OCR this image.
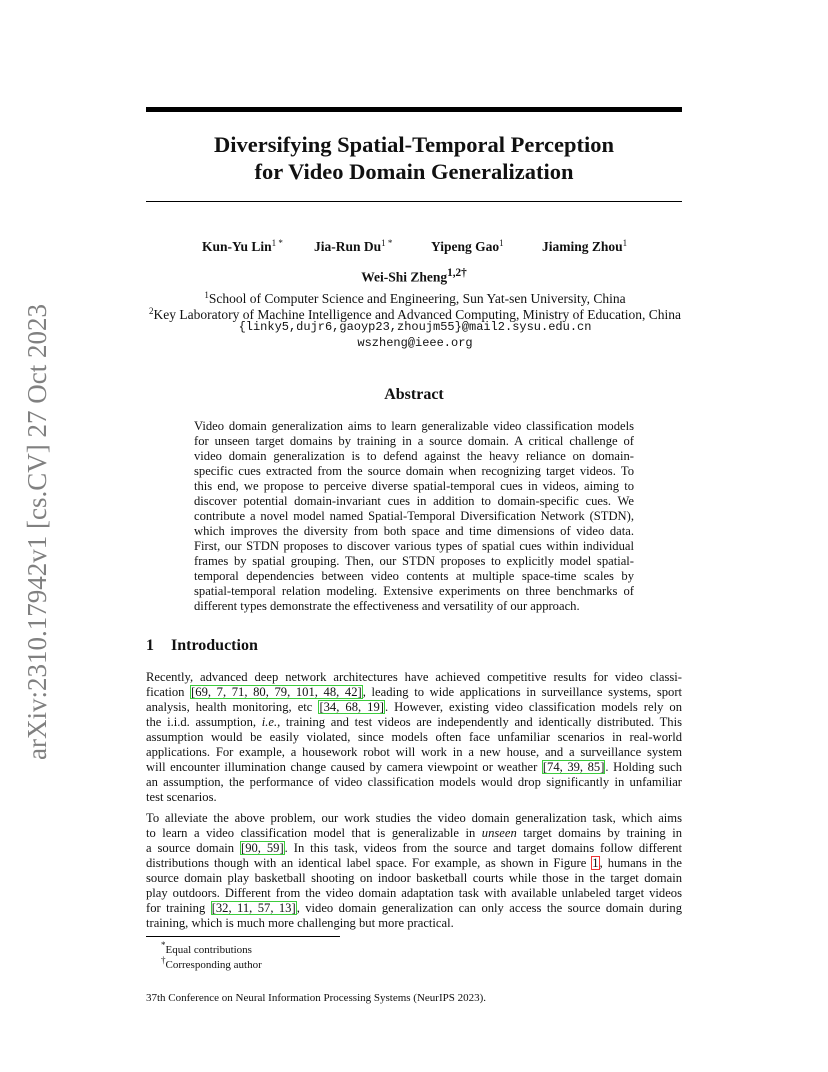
arXiv:2310.17942v1 [cs.CV] 27 Oct 2023
Diversifying Spatial-Temporal Perception
for Video Domain Generalization
Kun-Yu Lin$^{1 *}$ Jia-Run $Du^{1 *}$	Yipeng Gao$^1$	Jiaming Zhou$^1$
Wei-Shi Zheng$^{1,2\dagger}$
$^1$School of Computer Science and Engineering, Sun Yat-sen University, China
$^2$Key Laboratory of Machine Intelligence and Advanced Computing, Ministry of Education, China
{linky5,dujr6,gaoyp23,zhoujm55}@mail2.sysu.edu.cn
wszheng@ieee.org
Abstract
Video domain generalization aims to learn generalizable video classification models
for unseen target domains by training in a source domain. A critical challenge of
video domain generalization is to defend against the heavy reliance on domain-
specific cues extracted from the source domain when recognizing target videos. To
this end, we propose to perceive diverse spatial-temporal cues in videos, aiming to
discover potential domain-invariant cues in addition to domain-specific cues. We
contribute a novel model named Spatial-Temporal Diversification Network (STDN),
which improves the diversity from both space and time dimensions of video data.
First, our STDN proposes to discover various types of spatial cues within individual
frames by spatial grouping. Then, our STDN proposes to explicitly model spatial-
temporal dependencies between video contents at multiple space-time scales by
spatial-temporal relation modeling. Extensive experiments on three benchmarks of
different types demonstrate the effectiveness and versatility of our approach.
1 Introduction
Recently, advanced deep network architectures have achieved competitive results for video classi-
fication [69, 7, 71, 80, 79, 101, 48, 42], leading to wide applications in surveillance systems, sport
analysis, health monitoring, etc [34, 68, 19]. However, existing video classification models rely on
the i.i.d. assumption, i.e., training and test videos are independently and identically distributed. This
assumption would be easily violated, since models often face unfamiliar scenarios in real-world
applications. For example, a housework robot will work in a new house, and a surveillance system
will encounter illumination change caused by camera viewpoint or weather [74, 39, 85]. Holding such
an assumption, the performance of video classification models would drop significantly in unfamiliar
test scenarios.
To alleviate the above problem, our work studies the video domain generalization task, which aims
to learn a video classification model that is generalizable in unseen target domains by training in
a source domain [90, 59]. In this task, videos from the source and target domains follow different
distributions though with an identical label space. For example, as shown in Figure 1, humans in the
source domain play basketball shooting on indoor basketball courts while those in the target domain
play outdoors. Different from the video domain adaptation task with available unlabeled target videos
for training [32, 11, 57, 13], video domain generalization can only access the source domain during
training, which is much more challenging but more practical.
*Equal contributions
†Corresponding author
37th Conference on Neural Information Processing Systems (NeurIPS 2023).
